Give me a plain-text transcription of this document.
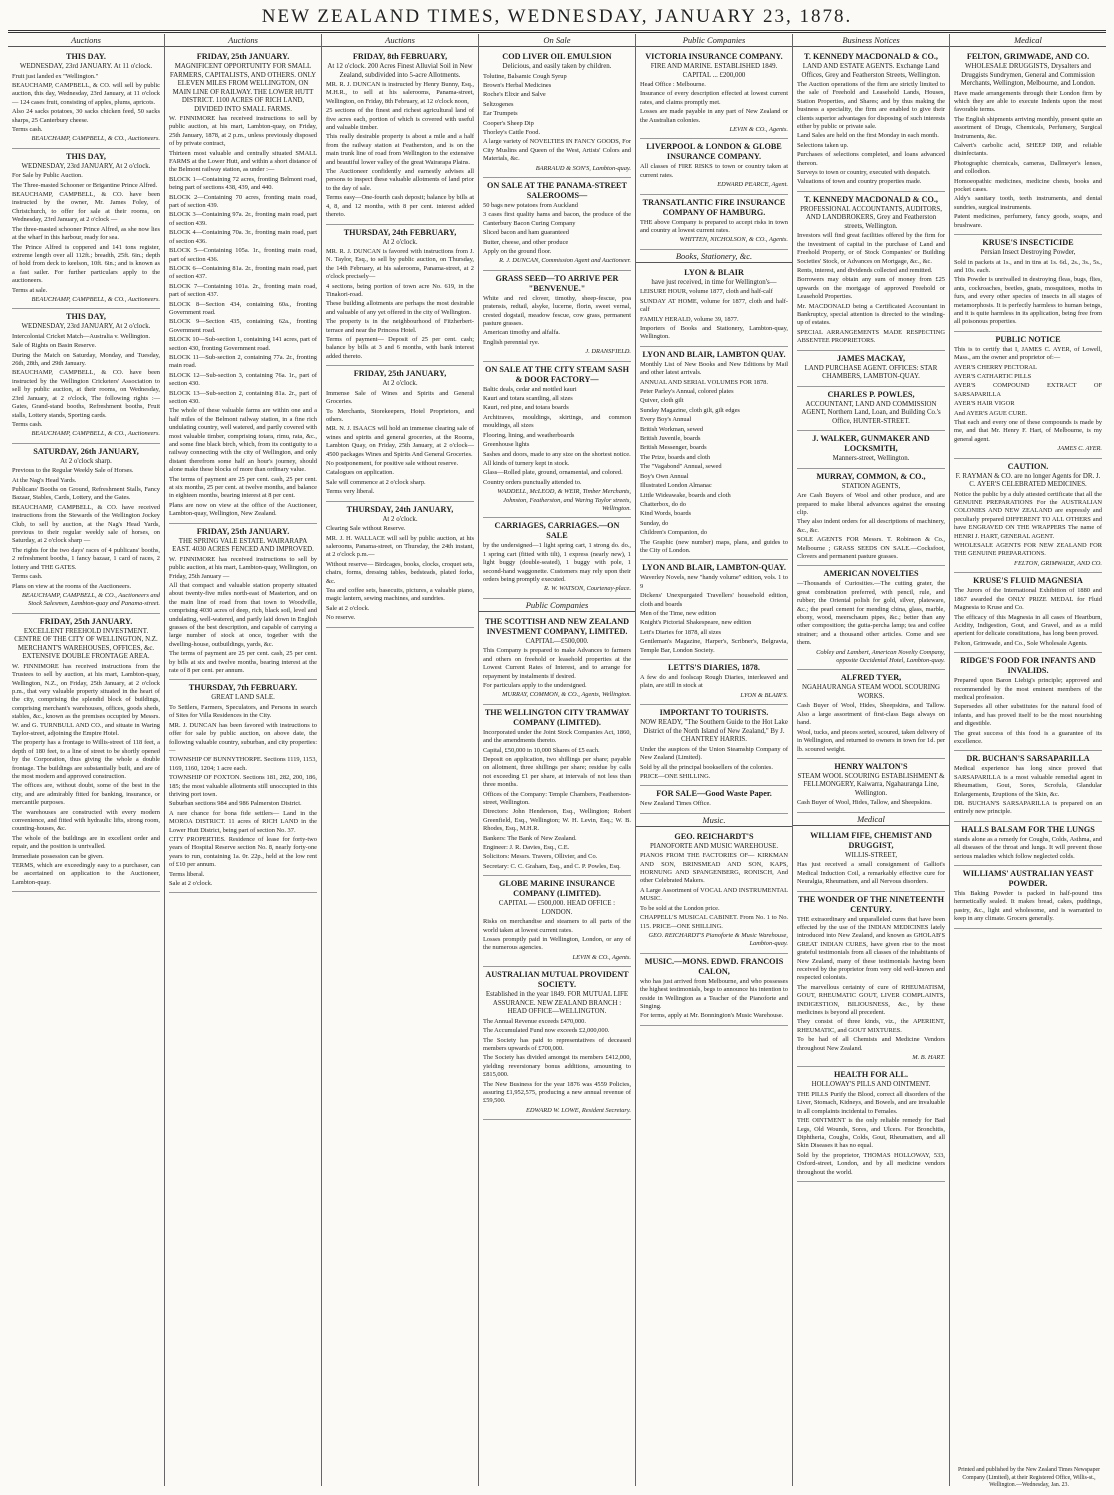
NEW ZEALAND TIMES, WEDNESDAY, JANUARY 23, 1878.
Auctions
THIS DAY.
WEDNESDAY, 23rd JANUARY. At 11 o'clock.

Fruit just landed ex "Wellington."

BEAUCHAMP, CAMPBELL, & CO. will sell by public auction, this day, Wednesday, 23rd January, at 11 o'clock — 124 cases fruit, consisting of apples, plums, apricots.

Also 24 sacks potatoes, 30 sacks chicken feed, 50 sacks sharps, 25 Canterbury cheese.

Terms cash.

BEAUCHAMP, CAMPBELL, & CO., Auctioneers.

THIS DAY,
WEDNESDAY, 23rd JANUARY, At 2 o'clock.

For Sale by Public Auction.

The Three-masted Schooner or Brigantine Prince Alfred.

BEAUCHAMP, CAMPBELL, & CO. have been instructed by the owner, Mr. James Foley, of Christchurch, to offer for sale at their rooms, on Wednesday, 23rd January, at 2 o'clock —

The three-masted schooner Prince Alfred, as she now lies at the wharf in this harbour, ready for sea.

The Prince Alfred is coppered and 141 tons register, extreme length over all 112ft.; breadth, 25ft. 6in.; depth of hold from deck to keelson, 10ft. 6in.; and is known as a fast sailer. For further particulars apply to the auctioneers.

Terms at sale.

BEAUCHAMP, CAMPBELL, & CO., Auctioneers.

THIS DAY,
WEDNESDAY, 23rd JANUARY, At 2 o'clock.

Intercolonial Cricket Match—Australia v. Wellington.

Sale of Rights on Basin Reserve.

During the Match on Saturday, Monday, and Tuesday, 26th, 28th, and 29th January.

BEAUCHAMP, CAMPBELL, & CO. have been instructed by the Wellington Cricketers' Association to sell by public auction, at their rooms, on Wednesday, 23rd January, at 2 o'clock, The following rights :— Gates, Grand-stand booths, Refreshment booths, Fruit stalls, Lottery stands, Sporting cards.

Terms cash.

BEAUCHAMP, CAMPBELL, & CO., Auctioneers.

SATURDAY, 26th JANUARY,
At 2 o'clock sharp.

Previous to the Regular Weekly Sale of Horses.

At the Nag's Head Yards.

Publicans' Booths on Ground, Refreshment Stalls, Fancy Bazaar, Stables, Cards, Lottery, and the Gates.

BEAUCHAMP, CAMPBELL, & CO. have received instructions from the Stewards of the Wellington Jockey Club, to sell by auction, at the Nag's Head Yards, previous to their regular weekly sale of horses, on Saturday, at 2 o'clock sharp —

The rights for the two days' races of 4 publicans' booths, 2 refreshment booths, 1 fancy bazaar, 1 card of races, 2 lottery and THE GATES.

Terms cash.

Plans on view at the rooms of the Auctioneers.

BEAUCHAMP, CAMPBELL, & CO., Auctioneers and Stock Salesmen, Lambton-quay and Panama-street.

FRIDAY, 25th JANUARY.
EXCELLENT FREEHOLD INVESTMENT. CENTRE OF THE CITY OF WELLINGTON, N.Z. MERCHANT'S WAREHOUSES, OFFICES, &c. EXTENSIVE DOUBLE FRONTAGE AREA.

W. FINNIMORE has received instructions from the Trustees to sell by auction, at his mart, Lambton-quay, Wellington, N.Z., on Friday, 25th January, at 2 o'clock p.m., that very valuable property situated in the heart of the city, comprising the splendid block of buildings, comprising merchant's warehouses, offices, goods sheds, stables, &c., known as the premises occupied by Messrs. W. and G. TURNBULL AND CO., and situate in Waring Taylor-street, adjoining the Empire Hotel.

The property has a frontage to Willis-street of 118 feet, a depth of 180 feet, to a line of street to be shortly opened by the Corporation, thus giving the whole a double frontage. The buildings are substantially built, and are of the most modern and approved construction.

The offices are, without doubt, some of the best in the city, and are admirably fitted for banking, insurance, or mercantile purposes.

The warehouses are constructed with every modern convenience, and fitted with hydraulic lifts, strong room, counting-houses, &c.

The whole of the buildings are in excellent order and repair, and the position is unrivalled.

Immediate possession can be given.

TERMS, which are exceedingly easy to a purchaser, can be ascertained on application to the Auctioneer, Lambton-quay.

Auctions
FRIDAY, 25th JANUARY.
MAGNIFICENT OPPORTUNITY FOR SMALL FARMERS, CAPITALISTS, AND OTHERS. ONLY ELEVEN MILES FROM WELLINGTON, ON MAIN LINE OF RAILWAY. THE LOWER HUTT DISTRICT. 1100 ACRES OF RICH LAND, DIVIDED INTO SMALL FARMS.

W. FINNIMORE has received instructions to sell by public auction, at his mart, Lambton-quay, on Friday, 25th January, 1878, at 2 p.m., unless previously disposed of by private contract,

Thirteen most valuable and centrally situated SMALL FARMS at the Lower Hutt, and within a short distance of the Belmont railway station, as under :—

BLOCK 1—Containing 72 acres, fronting Belmont road, being part of sections 438, 439, and 440.

BLOCK 2—Containing 70 acres, fronting main road, part of section 439.

BLOCK 3—Containing 97a. 2r., fronting main road, part of section 439.

BLOCK 4—Containing 70a. 3r., fronting main road, part of section 436.

BLOCK 5—Containing 105a. 1r., fronting main road, part of section 436.

BLOCK 6—Containing 81a. 2r., fronting main road, part of section 437.

BLOCK 7—Containing 101a. 2r., fronting main road, part of section 437.

BLOCK 8—Section 434, containing 60a., fronting Government road.

BLOCK 9—Section 435, containing 62a., fronting Government road.

BLOCK 10—Sub-section 1, containing 141 acres, part of section 430, fronting Government road.

BLOCK 11—Sub-section 2, containing 77a. 2r., fronting main road.

BLOCK 12—Sub-section 3, containing 76a. 1r., part of section 430.

BLOCK 13—Sub-section 2, containing 81a. 2r., part of section 430.

The whole of these valuable farms are within one and a half miles of the Belmont railway station, in a fine rich undulating country, well watered, and partly covered with most valuable timber, comprising totara, rimu, rata, &c., and some fine black birch, which, from its contiguity to a railway connecting with the city of Wellington, and only distant therefrom some half an hour's journey, should alone make these blocks of more than ordinary value.

The terms of payment are 25 per cent. cash, 25 per cent. at six months, 25 per cent. at twelve months, and balance in eighteen months, bearing interest at 8 per cent.

Plans are now on view at the office of the Auctioneer, Lambton-quay, Wellington, New Zealand.

FRIDAY, 25th JANUARY.
THE SPRING VALE ESTATE. WAIRARAPA EAST. 4030 ACRES FENCED AND IMPROVED.

W. FINNIMORE has received instructions to sell by public auction, at his mart, Lambton-quay, Wellington, on Friday, 25th January —

All that compact and valuable station property situated about twenty-five miles north-east of Masterton, and on the main line of road from that town to Woodville, comprising 4030 acres of deep, rich, black soil, level and undulating, well-watered, and partly laid down in English grasses of the best description, and capable of carrying a large number of stock at once, together with the dwelling-house, outbuildings, yards, &c.

The terms of payment are 25 per cent. cash, 25 per cent. by bills at six and twelve months, bearing interest at the rate of 8 per cent. per annum.

THURSDAY, 7th FEBRUARY.
GREAT LAND SALE.

To Settlers, Farmers, Speculators, and Persons in search of Sites for Villa Residences in the City.

MR. J. DUNCAN has been favored with instructions to offer for sale by public auction, on above date, the following valuable country, suburban, and city properties:—

TOWNSHIP OF BUNNYTHORPE. Sections 1119, 1153, 1169, 1160, 1204; 1 acre each.

TOWNSHIP OF FOXTON. Sections 181, 282, 200, 186, 185; the most valuable allotments still unoccupied in this thriving port town.

Suburban sections 984 and 986 Palmerston District.

A rare chance for bona fide settlers— Land in the MOROA DISTRICT. 11 acres of RICH LAND in the Lower Hutt District, being part of section No. 37.

CITY PROPERTIES. Residence of lease for forty-two years of Hospital Reserve section No. 8, nearly forty-one years to run, containing 1a. 0r. 22p., held at the low rent of £10 per annum.

Terms liberal.

Sale at 2 o'clock.

Auctions
FRIDAY, 8th FEBRUARY,
At 12 o'clock. 200 Acres Finest Alluvial Soil in New Zealand, subdivided into 5-acre Allotments.

MR. R. J. DUNCAN is instructed by Henry Bunny, Esq., M.H.R., to sell at his salerooms, Panama-street, Wellington, on Friday, 8th February, at 12 o'clock noon,

25 sections of the finest and richest agricultural land of five acres each, portion of which is covered with useful and valuable timber.

This really desirable property is about a mile and a half from the railway station at Featherston, and is on the main trunk line of road from Wellington to the extensive and beautiful lower valley of the great Wairarapa Plains.

The Auctioneer confidently and earnestly advises all persons to inspect these valuable allotments of land prior to the day of sale.

Terms easy—One-fourth cash deposit; balance by bills at 4, 8, and 12 months, with 8 per cent. interest added thereto.

THURSDAY, 24th FEBRUARY,
At 2 o'clock.

MR. R. J. DUNCAN is favored with instructions from J. N. Taylor, Esq., to sell by public auction, on Thursday, the 14th February, at his salerooms, Panama-street, at 2 o'clock precisely—

4 sections, being portion of town acre No. 619, in the Tinakori-road.

These building allotments are perhaps the most desirable and valuable of any yet offered in the city of Wellington.

The property is in the neighbourhood of Fitzherbert-terrace and near the Princess Hotel.

Terms of payment— Deposit of 25 per cent. cash; balance by bills at 3 and 6 months, with bank interest added thereto.

FRIDAY, 25th JANUARY,
At 2 o'clock.

Immense Sale of Wines and Spirits and General Groceries.

To Merchants, Storekeepers, Hotel Proprietors, and others.

MR. N. J. ISAACS will hold an immense clearing sale of wines and spirits and general groceries, at the Rooms, Lambton Quay, on Friday, 25th January, at 2 o'clock— 4500 packages Wines and Spirits And General Groceries.

No postponement, for positive sale without reserve.

Catalogues on application.

Sale will commence at 2 o'clock sharp.

Terms very liberal.

THURSDAY, 24th JANUARY,
At 2 o'clock.

Clearing Sale without Reserve.

MR. J. H. WALLACE will sell by public auction, at his salerooms, Panama-street, on Thursday, the 24th instant, at 2 o'clock p.m.—

Without reserve— Birdcages, books, clocks, croquet sets, chairs, forms, dressing tables, bedsteads, plated forks, &c.

Tea and coffee sets, basecuits, pictures, a valuable piano, magic lantern, sewing machines, and sundries.

Sale at 2 o'clock.

No reserve.

On Sale
COD LIVER OIL EMULSION
Delicious, and easily taken by children.

Tolutine, Balsamic Cough Syrup

Brown's Herbal Medicines

Roche's Elixir and Salve

Seltzogenes

Ear Trumpets

Cooper's Sheep Dip

Thorley's Cattle Food.

A large variety of NOVELTIES IN FANCY GOODS, For City Muslins and Queen of the West, Artists' Colors and Materials, &c.

BARRAUD & SON'S, Lambton-quay.

ON SALE AT THE PANAMA-STREET SALEROOMS—

50 bags new potatoes from Auckland

3 cases first quality hams and bacon, the produce of the Canterbury Bacon Curing Company

Sliced bacon and ham guaranteed

Butter, cheese, and other produce

Apply on the ground floor.

R. J. DUNCAN, Commission Agent and Auctioneer.

GRASS SEED—TO ARRIVE PER "BENVENUE."

White and red clover, timothy, sheep-fescue, poa pratensis, redtail, alsyke, lucerne, florin, sweet vernal, crested dogstail, meadow fescue, cow grass, permanent pasture grasses.

American timothy and alfalfa.

English perennial rye.

J. DRANSFIELD.

ON SALE AT THE CITY STEAM SASH & DOOR FACTORY—

Baltic deals, cedar and mottled kauri

Kauri and totara scantling, all sizes

Kauri, red pine, and totara boards

Architraves, mouldings, skirtings, and common mouldings, all sizes

Flooring, lining, and weatherboards

Greenhouse lights

Sashes and doors, made to any size on the shortest notice.

All kinds of turnery kept in stock.

Glass—Rolled plate, ground, ornamental, and colored.

Country orders punctually attended to.

WADDELL, McLEOD, & WEIR, Timber Merchants, Johnston, Featherston, and Waring Taylor streets, Wellington.

CARRIAGES, CARRIAGES.—ON SALE

by the undersigned—1 light spring cart, 1 strong do. do., 1 spring cart (fitted with tilt), 1 express (nearly new), 1 light buggy (double-seated), 1 buggy with pole, 1 second-hand waggonette. Customers may rely upon their orders being promptly executed.

R. W. WATSON, Courtenay-place.

Public Companies
THE SCOTTISH AND NEW ZEALAND INVESTMENT COMPANY, LIMITED.
CAPITAL—£500,000.

This Company is prepared to make Advances to farmers and others on freehold or leasehold properties at the Lowest Current Rates of Interest, and to arrange for repayment by instalments if desired.

For particulars apply to the undersigned.

MURRAY, COMMON, & CO., Agents, Wellington.

THE WELLINGTON CITY TRAMWAY COMPANY (LIMITED).

Incorporated under the Joint Stock Companies Act, 1860, and the amendments thereto.

Capital, £50,000 in 10,000 Shares of £5 each.

Deposit on application, two shillings per share; payable on allotment, three shillings per share; residue by calls not exceeding £1 per share, at intervals of not less than three months.

Offices of the Company: Temple Chambers, Featherston-street, Wellington.

Directors: John Henderson, Esq., Wellington; Robert Greenfield, Esq., Wellington; W. H. Levin, Esq.; W. B. Rhodes, Esq., M.H.R.

Bankers: The Bank of New Zealand.

Engineer: J. R. Davies, Esq., C.E.

Solicitors: Messrs. Travers, Ollivier, and Co.

Secretary: C. C. Graham, Esq., and C. P. Powles, Esq.

GLOBE MARINE INSURANCE COMPANY (LIMITED).
CAPITAL — £500,000. HEAD OFFICE : LONDON.

Risks on merchandise and steamers to all parts of the world taken at lowest current rates.

Losses promptly paid in Wellington, London, or any of the numerous agencies.

LEVIN & CO., Agents.

AUSTRALIAN MUTUAL PROVIDENT SOCIETY.
Established in the year 1849. FOR MUTUAL LIFE ASSURANCE. NEW ZEALAND BRANCH : HEAD OFFICE—WELLINGTON.

The Annual Revenue exceeds £470,000.

The Accumulated Fund now exceeds £2,000,000.

The Society has paid to representatives of deceased members upwards of £700,000.

The Society has divided amongst its members £412,000, yielding reversionary bonus additions, amounting to £815,000.

The New Business for the year 1876 was 4559 Policies, assuring £1,952,575, producing a new annual revenue of £59,500.

EDWARD W. LOWE, Resident Secretary.

Public Companies
VICTORIA INSURANCE COMPANY.
FIRE AND MARINE. ESTABLISHED 1849. CAPITAL ... £200,000

Head Office : Melbourne.

Insurance of every description effected at lowest current rates, and claims promptly met.

Losses are made payable in any part of New Zealand or the Australian colonies.

LEVIN & CO., Agents.

LIVERPOOL & LONDON & GLOBE INSURANCE COMPANY.

All classes of FIRE RISKS to town or country taken at current rates.

EDWARD PEARCE, Agent.

TRANSATLANTIC FIRE INSURANCE COMPANY OF HAMBURG.

THE above Company is prepared to accept risks in town and country at lowest current rates.

WHITTEN, NICHOLSON, & CO., Agents.

Books, Stationery, &c.
LYON & BLAIR
have just received, in time for Wellington's—

LEISURE HOUR, volume 1877, cloth and half-calf

SUNDAY AT HOME, volume for 1877, cloth and half-calf

FAMILY HERALD, volume 39, 1877.

Importers of Books and Stationery, Lambton-quay, Wellington.

LYON AND BLAIR, LAMBTON QUAY.

Monthly List of New Books and New Editions by Mail and other latest arrivals.

ANNUAL AND SERIAL VOLUMES FOR 1878.

Peter Parley's Annual, colored plates

Quiver, cloth gilt

Sunday Magazine, cloth gilt, gilt edges

Every Boy's Annual

British Workman, sewed

British Juvenile, boards

British Messenger, boards

The Prize, boards and cloth

The "Vagabond" Annual, sewed

Boy's Own Annual

Illustrated London Almanac

Little Wideawake, boards and cloth

Chatterbox, do do

Kind Words, boards

Sunday, do

Children's Companion, do

The Graphic (new number) maps, plans, and guides to the City of London.

LYON AND BLAIR, LAMBTON-QUAY.

Waverley Novels, new "handy volume" edition, vols. 1 to 9

Dickens' Unexpurgated Travellers' household edition, cloth and boards

Men of the Time, new edition

Knight's Pictorial Shakespeare, new edition

Lett's Diaries for 1878, all sizes

Gentleman's Magazine, Harper's, Scribner's, Belgravia, Temple Bar, London Society.

LETTS'S DIARIES, 1878.

A few do and foolscap Rough Diaries, interleaved and plain, are still in stock at

LYON & BLAIR'S.

IMPORTANT TO TOURISTS.
NOW READY, "The Southern Guide to the Hot Lake District of the North Island of New Zealand," By J. CHANTREY HARRIS.

Under the auspices of the Union Steamship Company of New Zealand (Limited).

Sold by all the principal booksellers of the colonies.

PRICE—ONE SHILLING.

FOR SALE—Good Waste Paper.

New Zealand Times Office.

Music.
GEO. REICHARDT'S
PIANOFORTE AND MUSIC WAREHOUSE.

PIANOS FROM THE FACTORIES OF— KIRKMAN AND SON, BRINSMEAD AND SON, KAPS, HORNUNG AND SPANGENBERG, RONISCH, And other Celebrated Makers.

A Large Assortment of VOCAL AND INSTRUMENTAL MUSIC.

To be sold at the London price.

CHAPPELL'S MUSICAL CABINET. From No. 1 to No. 115. PRICE—ONE SHILLING.

GEO. REICHARDT'S Pianoforte & Music Warehouse, Lambton-quay.

MUSIC.—MONS. EDWD. FRANCOIS CALON,

who has just arrived from Melbourne, and who possesses the highest testimonials, begs to announce his intention to reside in Wellington as a Teacher of the Pianoforte and Singing.

For terms, apply at Mr. Bonnington's Music Warehouse.

Business Notices
T. KENNEDY MACDONALD & CO.,
LAND AND ESTATE AGENTS. Exchange Land Offices, Grey and Featherston Streets, Wellington.

The Auction operations of the firm are strictly limited to the sale of Freehold and Leasehold Lands, Houses, Station Properties, and Shares; and by thus making the business a speciality, the firm are enabled to give their clients superior advantages for disposing of such interests either by public or private sale.

Land Sales are held on the first Monday in each month.

Selections taken up.

Purchases of selections completed, and loans advanced thereon.

Surveys to town or country, executed with despatch.

Valuations of town and country properties made.

T. KENNEDY MACDONALD & CO.,
PROFESSIONAL ACCOUNTANTS, AUDITORS, AND LANDBROKERS, Grey and Featherston streets, Wellington.

Investors will find great facilities offered by the firm for the investment of capital in the purchase of Land and Freehold Property, or of Stock Companies' or Building Societies' Stock, or Advances on Mortgage, &c., &c.

Rents, interest, and dividends collected and remitted.

Borrowers may obtain any sum of money from £25 upwards on the mortgage of approved Freehold or Leasehold Properties.

Mr. MACDONALD being a Certificated Accountant in Bankruptcy, special attention is directed to the winding-up of estates.

SPECIAL ARRANGEMENTS MADE RESPECTING ABSENTEE PROPRIETORS.

JAMES MACKAY,
LAND PURCHASE AGENT. OFFICES: STAR CHAMBERS, LAMBTON-QUAY.
CHARLES P. POWLES,
ACCOUNTANT, LAND AND COMMISSION AGENT, Northern Land, Loan, and Building Co.'s Office, HUNTER-STREET.
J. WALKER, GUNMAKER AND LOCKSMITH,
Manners-street, Wellington.
MURRAY, COMMON, & CO.,
STATION AGENTS,

Are Cash Buyers of Wool and other produce, and are prepared to make liberal advances against the ensuing clip.

They also indent orders for all descriptions of machinery, &c., &c.

SOLE AGENTS FOR Messrs. T. Robinson & Co., Melbourne ; GRASS SEEDS ON SALE.—Cocksfoot, Clovers and permanent pasture grasses.

AMERICAN NOVELTIES

—Thousands of Curiosities.—The cutting grater, the great combination preferred, with pencil, rule, and rubber; the Oriental polish for gold, silver, plateware, &c.; the pearl cement for mending china, glass, marble, ebony, wood, meerschaum pipes, &c.; better than any other composition; the gutta-percha lamp; tea and coffee strainer; and a thousand other articles. Come and see them.

Cobley and Lambert, American Novelty Company, opposite Occidental Hotel, Lambton-quay.

ALFRED TYER,
NGAHAURANGA STEAM WOOL SCOURING WORKS.

Cash Buyer of Wool, Hides, Sheepskins, and Tallow. Also a large assortment of first-class Bags always on hand.

Wool, tucks, and pieces sorted, scoured, taken delivery of in Wellington, and returned to owners in town for 1d. per lb. scoured weight.

HENRY WALTON'S
STEAM WOOL SCOURING ESTABLISHMENT & FELLMONGERY, Kaiwarra, Ngahauranga Line, Wellington.

Cash Buyer of Wool, Hides, Tallow, and Sheepskins.

Medical
WILLIAM FIFE, CHEMIST AND DRUGGIST,
WILLIS-STREET,

Has just received a small consignment of Galliot's Medical Induction Coil, a remarkably effective cure for Neuralgia, Rheumatism, and all Nervous disorders.

THE WONDER OF THE NINETEENTH CENTURY.

THE extraordinary and unparalleled cures that have been effected by the use of the INDIAN MEDICINES lately introduced into New Zealand, and known as GHOLAB'S GREAT INDIAN CURES, have given rise to the most grateful testimonials from all classes of the inhabitants of New Zealand, many of these testimonials having been received by the proprietor from very old well-known and respected colonists.

The marvellous certainty of cure of RHEUMATISM, GOUT, RHEUMATIC GOUT, LIVER COMPLAINTS, INDIGESTION, BILIOUSNESS, &c., by these medicines is beyond all precedent.

They consist of three kinds, viz., the APERIENT, RHEUMATIC, and GOUT MIXTURES.

To be had of all Chemists and Medicine Vendors throughout New Zealand.

M. B. HART.

HEALTH FOR ALL.
HOLLOWAY'S PILLS AND OINTMENT.

THE PILLS Purify the Blood, correct all disorders of the Liver, Stomach, Kidneys, and Bowels, and are invaluable in all complaints incidental to Females.

THE OINTMENT is the only reliable remedy for Bad Legs, Old Wounds, Sores, and Ulcers. For Bronchitis, Diphtheria, Coughs, Colds, Gout, Rheumatism, and all Skin Diseases it has no equal.

Sold by the proprietor, THOMAS HOLLOWAY, 533, Oxford-street, London, and by all medicine vendors throughout the world.

Medical
FELTON, GRIMWADE, AND CO.
WHOLESALE DRUGGISTS, Drysalters and Druggists Sundrymen, General and Commission Merchants, Wellington, Melbourne, and London.

Have made arrangements through their London firm by which they are able to execute Indents upon the most favorable terms.

The English shipments arriving monthly, present quite an assortment of Drugs, Chemicals, Perfumery, Surgical Instruments, &c.

Calvert's carbolic acid, SHEEP DIP, and reliable disinfectants.

Photographic chemicals, cameras, Dallmeyer's lenses, and collodion.

Homoeopathic medicines, medicine chests, books and pocket cases.

Aldy's sanitary tooth, teeth instruments, and dental sundries, surgical instruments.

Patent medicines, perfumery, fancy goods, soaps, and brushware.

KRUSE'S INSECTICIDE
Persian Insect Destroying Powder,

Sold in packets at 1s., and in tins at 1s. 6d., 2s., 3s., 5s., and 10s. each.

This Powder is unrivalled in destroying fleas, bugs, flies, ants, cockroaches, beetles, gnats, mosquitoes, moths in furs, and every other species of insects in all stages of metamorphosis. It is perfectly harmless to human beings, and it is quite harmless in its application, being free from all poisonous properties.

PUBLIC NOTICE

This is to certify that I, JAMES C. AYER, of Lowell, Mass., am the owner and proprietor of:—

AYER'S CHERRY PECTORAL

AYER'S CATHARTIC PILLS

AYER'S COMPOUND EXTRACT OF SARSAPARILLA

AYER'S HAIR VIGOR

And AYER'S AGUE CURE.

That each and every one of these compounds is made by me, and that Mr. Henry F. Hart, of Melbourne, is my general agent.

JAMES C. AYER.

CAUTION.
F. RAYMAN & CO. are no longer Agents for DR. J. C. AYER'S CELEBRATED MEDICINES.

Notice the public by a duly attested certificate that all the GENUINE PREPARATIONS For the AUSTRALIAN COLONIES AND NEW ZEALAND are expressly and peculiarly prepared DIFFERENT TO ALL OTHERS and have ENGRAVED ON THE WRAPPERS The name of HENRI J. HART, GENERAL AGENT.

WHOLESALE AGENTS FOR NEW ZEALAND FOR THE GENUINE PREPARATIONS.

FELTON, GRIMWADE, AND CO.

KRUSE'S FLUID MAGNESIA

The Jurors of the International Exhibition of 1880 and 1867 awarded the ONLY PRIZE MEDAL for Fluid Magnesia to Kruse and Co.

The efficacy of this Magnesia in all cases of Heartburn, Acidity, Indigestion, Gout, and Gravel, and as a mild aperient for delicate constitutions, has long been proved.

Felton, Grimwade, and Co., Sole Wholesale Agents.

RIDGE'S FOOD FOR INFANTS AND INVALIDS.

Prepared upon Baron Liebig's principle; approved and recommended by the most eminent members of the medical profession.

Supersedes all other substitutes for the natural food of infants, and has proved itself to be the most nourishing and digestible.

The great success of this food is a guarantee of its excellence.

DR. BUCHAN'S SARSAPARILLA

Medical experience has long since proved that SARSAPARILLA is a most valuable remedial agent in Rheumatism, Gout, Sores, Scrofula, Glandular Enlargements, Eruptions of the Skin, &c.

DR. BUCHAN'S SARSAPARILLA is prepared on an entirely new principle.

HALLS BALSAM FOR THE LUNGS

stands alone as a remedy for Coughs, Colds, Asthma, and all diseases of the throat and lungs. It will prevent those serious maladies which follow neglected colds.

WILLIAMS' AUSTRALIAN YEAST POWDER.

This Baking Powder is packed in half-pound tins hermetically sealed. It makes bread, cakes, puddings, pastry, &c., light and wholesome, and is warranted to keep in any climate. Grocers generally.

Printed and published by the New Zealand Times Newspaper Company (Limited), at their Registered Office, Willis-st., Wellington.—Wednesday, Jan. 23.
